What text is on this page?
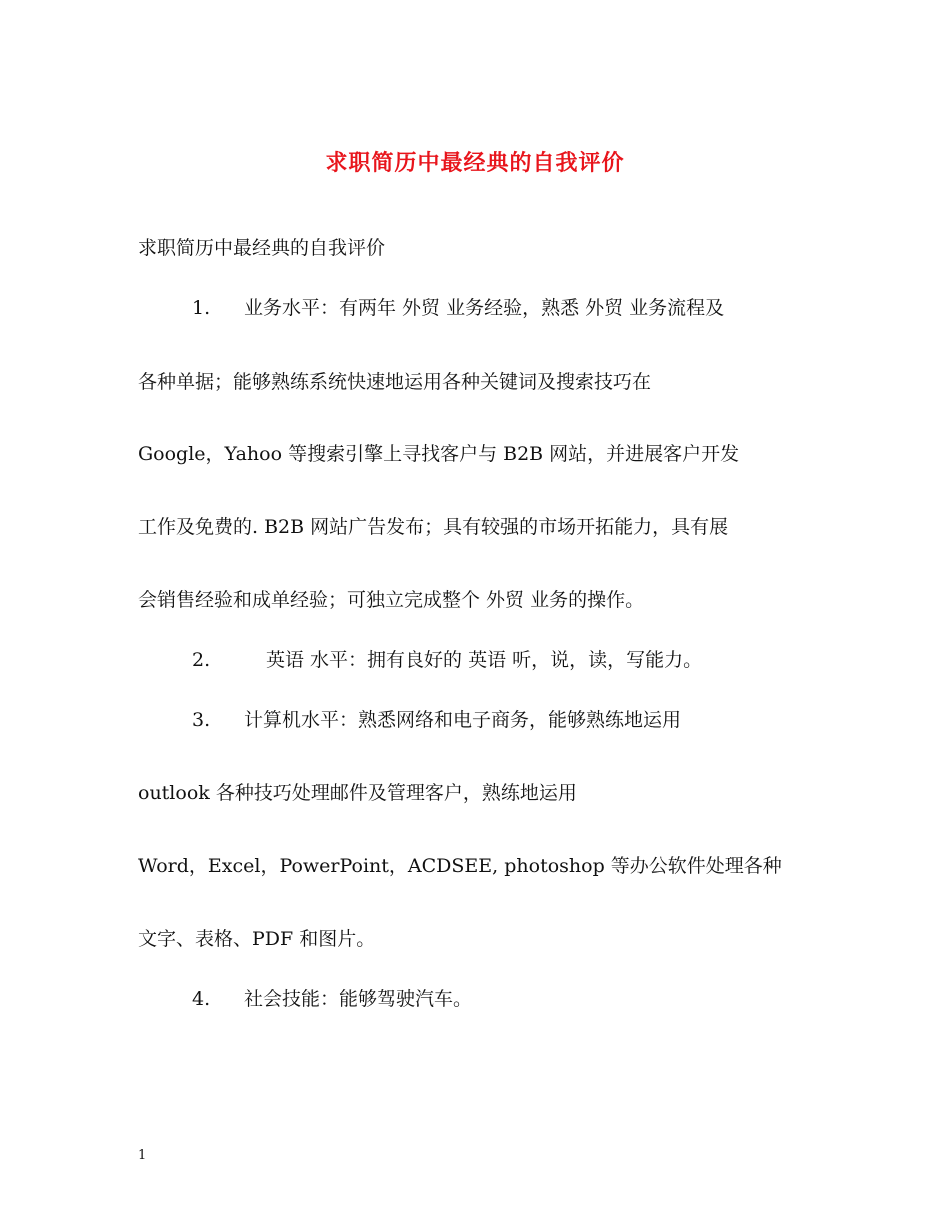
求职简历中最经典的自我评价
求职简历中最经典的自我评价
1. 业务水平：有两年 外贸 业务经验，熟悉 外贸 业务流程及
各种单据；能够熟练系统快速地运用各种关键词及搜索技巧在
Google，Yahoo 等搜索引擎上寻找客户与 B2B 网站，并进展客户开发
工作及免费的. B2B 网站广告发布；具有较强的市场开拓能力，具有展
会销售经验和成单经验；可独立完成整个 外贸 业务的操作。
2.	英语 水平：拥有良好的 英语 听，说，读，写能力。
3. 计算机水平：熟悉网络和电子商务，能够熟练地运用
outlook 各种技巧处理邮件及管理客户，熟练地运用
Word，Excel，PowerPoint，ACDSEE, photoshop 等办公软件处理各种
文字、表格、PDF 和图片。
4. 社会技能：能够驾驶汽车。
1
